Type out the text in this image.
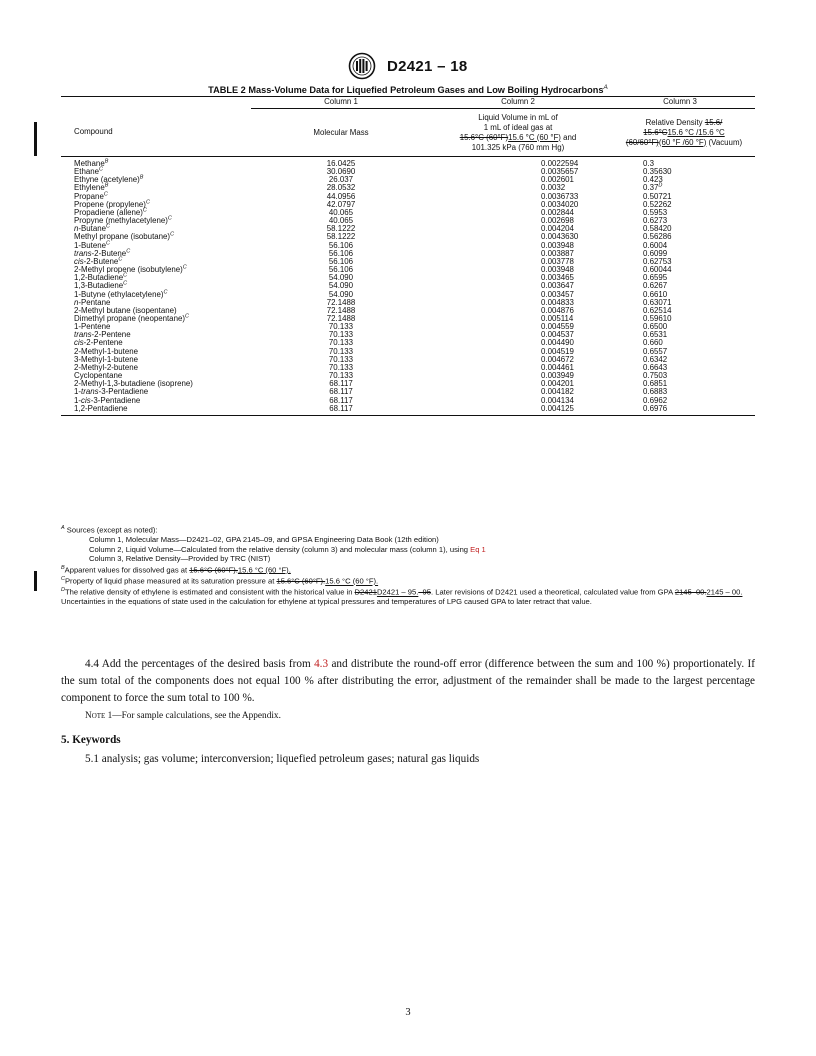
D2421 – 18
TABLE 2 Mass-Volume Data for Liquefied Petroleum Gases and Low Boiling Hydrocarbons$^A$
	Column 1	Column 2	Column 3
Compound	Molecular Mass	Liquid Volume in mL of
1 mL of ideal gas at
15.6°C (60°F)15.6 °C (60 °F) and
101.325 kPa (760 mm Hg)	Relative Density 15.6/
15.6°C15.6 °C /15.6 °C
(60/60°F)(60 °F /60 °F) (Vacuum)
Methane$^B$	16.0425	0.0022594	0.3
Ethane$^C$	30.0690	0.0035657	0.35630
Ethyne (acetylene)$^B$	26.037	0.002601	0.423
Ethylene$^B$	28.0532	0.0032	0.37$^D$
Propane$^C$	44.0956	0.0036733	0.50721
Propene (propylene)$^C$	42.0797	0.0034020	0.52262
Propadiene (allene)$^C$	40.065	0.002844	0.5953
Propyne (methylacetylene)$^C$	40.065	0.002698	0.6273
n-Butane$^C$	58.1222	0.004204	0.58420
Methyl propane (isobutane)$^C$	58.1222	0.0043630	0.56286
1-Butene$^C$	56.106	0.003948	0.6004
trans-2-Butene$^C$	56.106	0.003887	0.6099
cis-2-Butene$^C$	56.106	0.003778	0.62753
2-Methyl propene (isobutylene)$^C$	56.106	0.003948	0.60044
1,2-Butadiene$^C$	54.090	0.003465	0.6595
1,3-Butadiene$^C$	54.090	0.003647	0.6267
1-Butyne (ethylacetylene)$^C$	54.090	0.003457	0.6610
n-Pentane	72.1488	0.004833	0.63071
2-Methyl butane (isopentane)	72.1488	0.004876	0.62514
Dimethyl propane (neopentane)$^C$	72.1488	0.005114	0.59610
1-Pentene	70.133	0.004559	0.6500
trans-2-Pentene	70.133	0.004537	0.6531
cis-2-Pentene	70.133	0.004490	0.660
2-Methyl-1-butene	70.133	0.004519	0.6557
3-Methyl-1-butene	70.133	0.004672	0.6342
2-Methyl-2-butene	70.133	0.004461	0.6643
Cyclopentane	70.133	0.003949	0.7503
2-Methyl-1,3-butadiene (isoprene)	68.117	0.004201	0.6851
1-trans-3-Pentadiene	68.117	0.004182	0.6883
1-cis-3-Pentadiene	68.117	0.004134	0.6962
1,2-Pentadiene	68.117	0.004125	0.6976

$^A$ Sources (except as noted):

Column 1, Molecular Mass—D2421–02, GPA 2145–09, and GPSA Engineering Data Book (12th edition)

Column 2, Liquid Volume—Calculated from the relative density (column 3) and molecular mass (column 1), using Eq 1

Column 3, Relative Density—Provided by TRC (NIST)

$^B$Apparent values for dissolved gas at 15.6°C (60°F).15.6 °C (60 °F).

$^C$Property of liquid phase measured at its saturation pressure at 15.6°C (60°F).15.6 °C (60 °F).

$^D$The relative density of ethylene is estimated and consistent with the historical value in D2421D2421 – 95.–95. Later revisions of D2421 used a theoretical, calculated value from GPA 2145–00.2145 – 00. Uncertainties in the equations of state used in the calculation for ethylene at typical pressures and temperatures of LPG caused GPA to later retract that value.

4.4 Add the percentages of the desired basis from 4.3 and distribute the round-off error (difference between the sum and 100 %) proportionately. If the sum total of the components does not equal 100 % after distributing the error, adjustment of the remainder shall be made to the largest percentage component to force the sum total to 100 %.
Note 1—For sample calculations, see the Appendix.
5. Keywords
5.1 analysis; gas volume; interconversion; liquefied petroleum gases; natural gas liquids
3
